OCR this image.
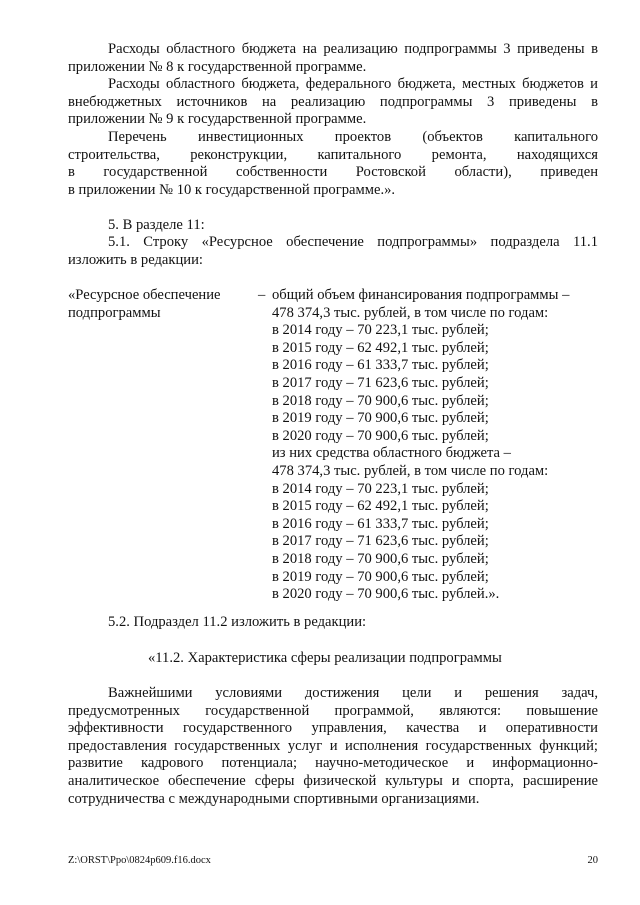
Расходы областного бюджета на реализацию подпрограммы 3 приведены в
приложении № 8 к государственной программе.
Расходы областного бюджета, федерального бюджета, местных бюджетов и
внебюджетных источников на реализацию подпрограммы 3 приведены в
приложении № 9 к государственной программе.
Перечень инвестиционных проектов (объектов капитального
строительства, реконструкции, капитального ремонта, находящихся
в государственной собственности Ростовской области), приведен
в приложении № 10 к государственной программе.».
5. В разделе 11:
5.1. Строку «Ресурсное обеспечение подпрограммы» подраздела 11.1
изложить в редакции:
«Ресурсное обеспечение
подпрограммы
– общий объем финансирования подпрограммы –
478 374,3 тыс. рублей, в том числе по годам:
в 2014 году – 70 223,1 тыс. рублей;
в 2015 году – 62 492,1 тыс. рублей;
в 2016 году – 61 333,7 тыс. рублей;
в 2017 году – 71 623,6 тыс. рублей;
в 2018 году – 70 900,6 тыс. рублей;
в 2019 году – 70 900,6 тыс. рублей;
в 2020 году – 70 900,6 тыс. рублей;
из них средства областного бюджета –
478 374,3 тыс. рублей, в том числе по годам:
в 2014 году – 70 223,1 тыс. рублей;
в 2015 году – 62 492,1 тыс. рублей;
в 2016 году – 61 333,7 тыс. рублей;
в 2017 году – 71 623,6 тыс. рублей;
в 2018 году – 70 900,6 тыс. рублей;
в 2019 году – 70 900,6 тыс. рублей;
в 2020 году – 70 900,6 тыс. рублей.».
5.2. Подраздел 11.2 изложить в редакции:
«11.2. Характеристика сферы реализации подпрограммы
Важнейшими условиями достижения цели и решения задач,
предусмотренных государственной программой, являются: повышение
эффективности государственного управления, качества и оперативности
предоставления государственных услуг и исполнения государственных функций;
развитие кадрового потенциала; научно-методическое и информационно-
аналитическое обеспечение сферы физической культуры и спорта, расширение
сотрудничества с международными спортивными организациями.
Z:\ORST\Ppo\0824p609.f16.docx	20
